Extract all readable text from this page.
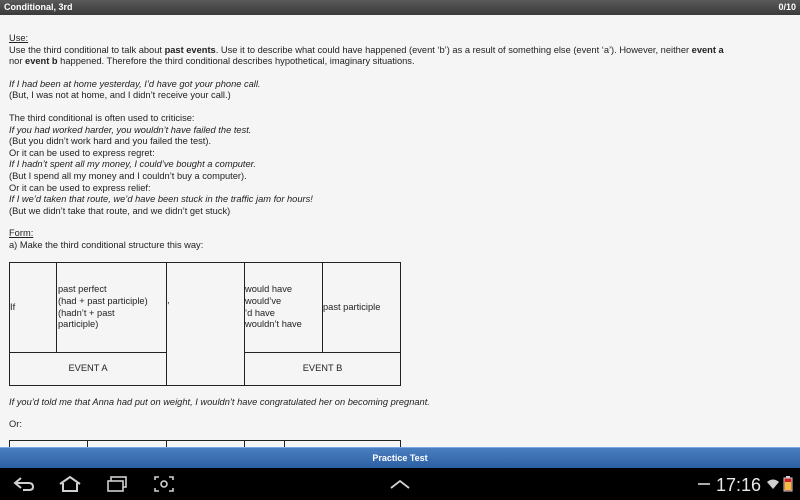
Conditional, 3rd	0/10

Use:

Use the third conditional to talk about past events. Use it to describe what could have happened (event ‘b’) as a result of something else (event ‘a’). However, neither event a
nor event b happened. Therefore the third conditional describes hypothetical, imaginary situations.

If I had been at home yesterday, I’d have got your phone call.

(But, I was not at home, and I didn’t receive your call.)

The third conditional is often used to criticise:

If you had worked harder, you wouldn’t have failed the test.

(But you didn’t work hard and you failed the test).

Or it can be used to express regret:

If I hadn’t spent all my money, I could’ve bought a computer.

(But I spend all my money and I couldn’t buy a computer).

Or it can be used to express relief:

If I we’d taken that route, we’d have been stuck in the traffic jam for hours!

(But we didn’t take that route, and we didn’t get stuck)

Form:

a) Make the third conditional structure this way:

If
past perfect
(had + past participle)
(hadn’t + past
participle)
,
would have
would’ve
’d have
wouldn’t have
past participle
EVENT A	EVENT B

If you’d told me that Anna had put on weight, I wouldn’t have congratulated her on becoming pregnant.

Or:

Practice Test
17:16
